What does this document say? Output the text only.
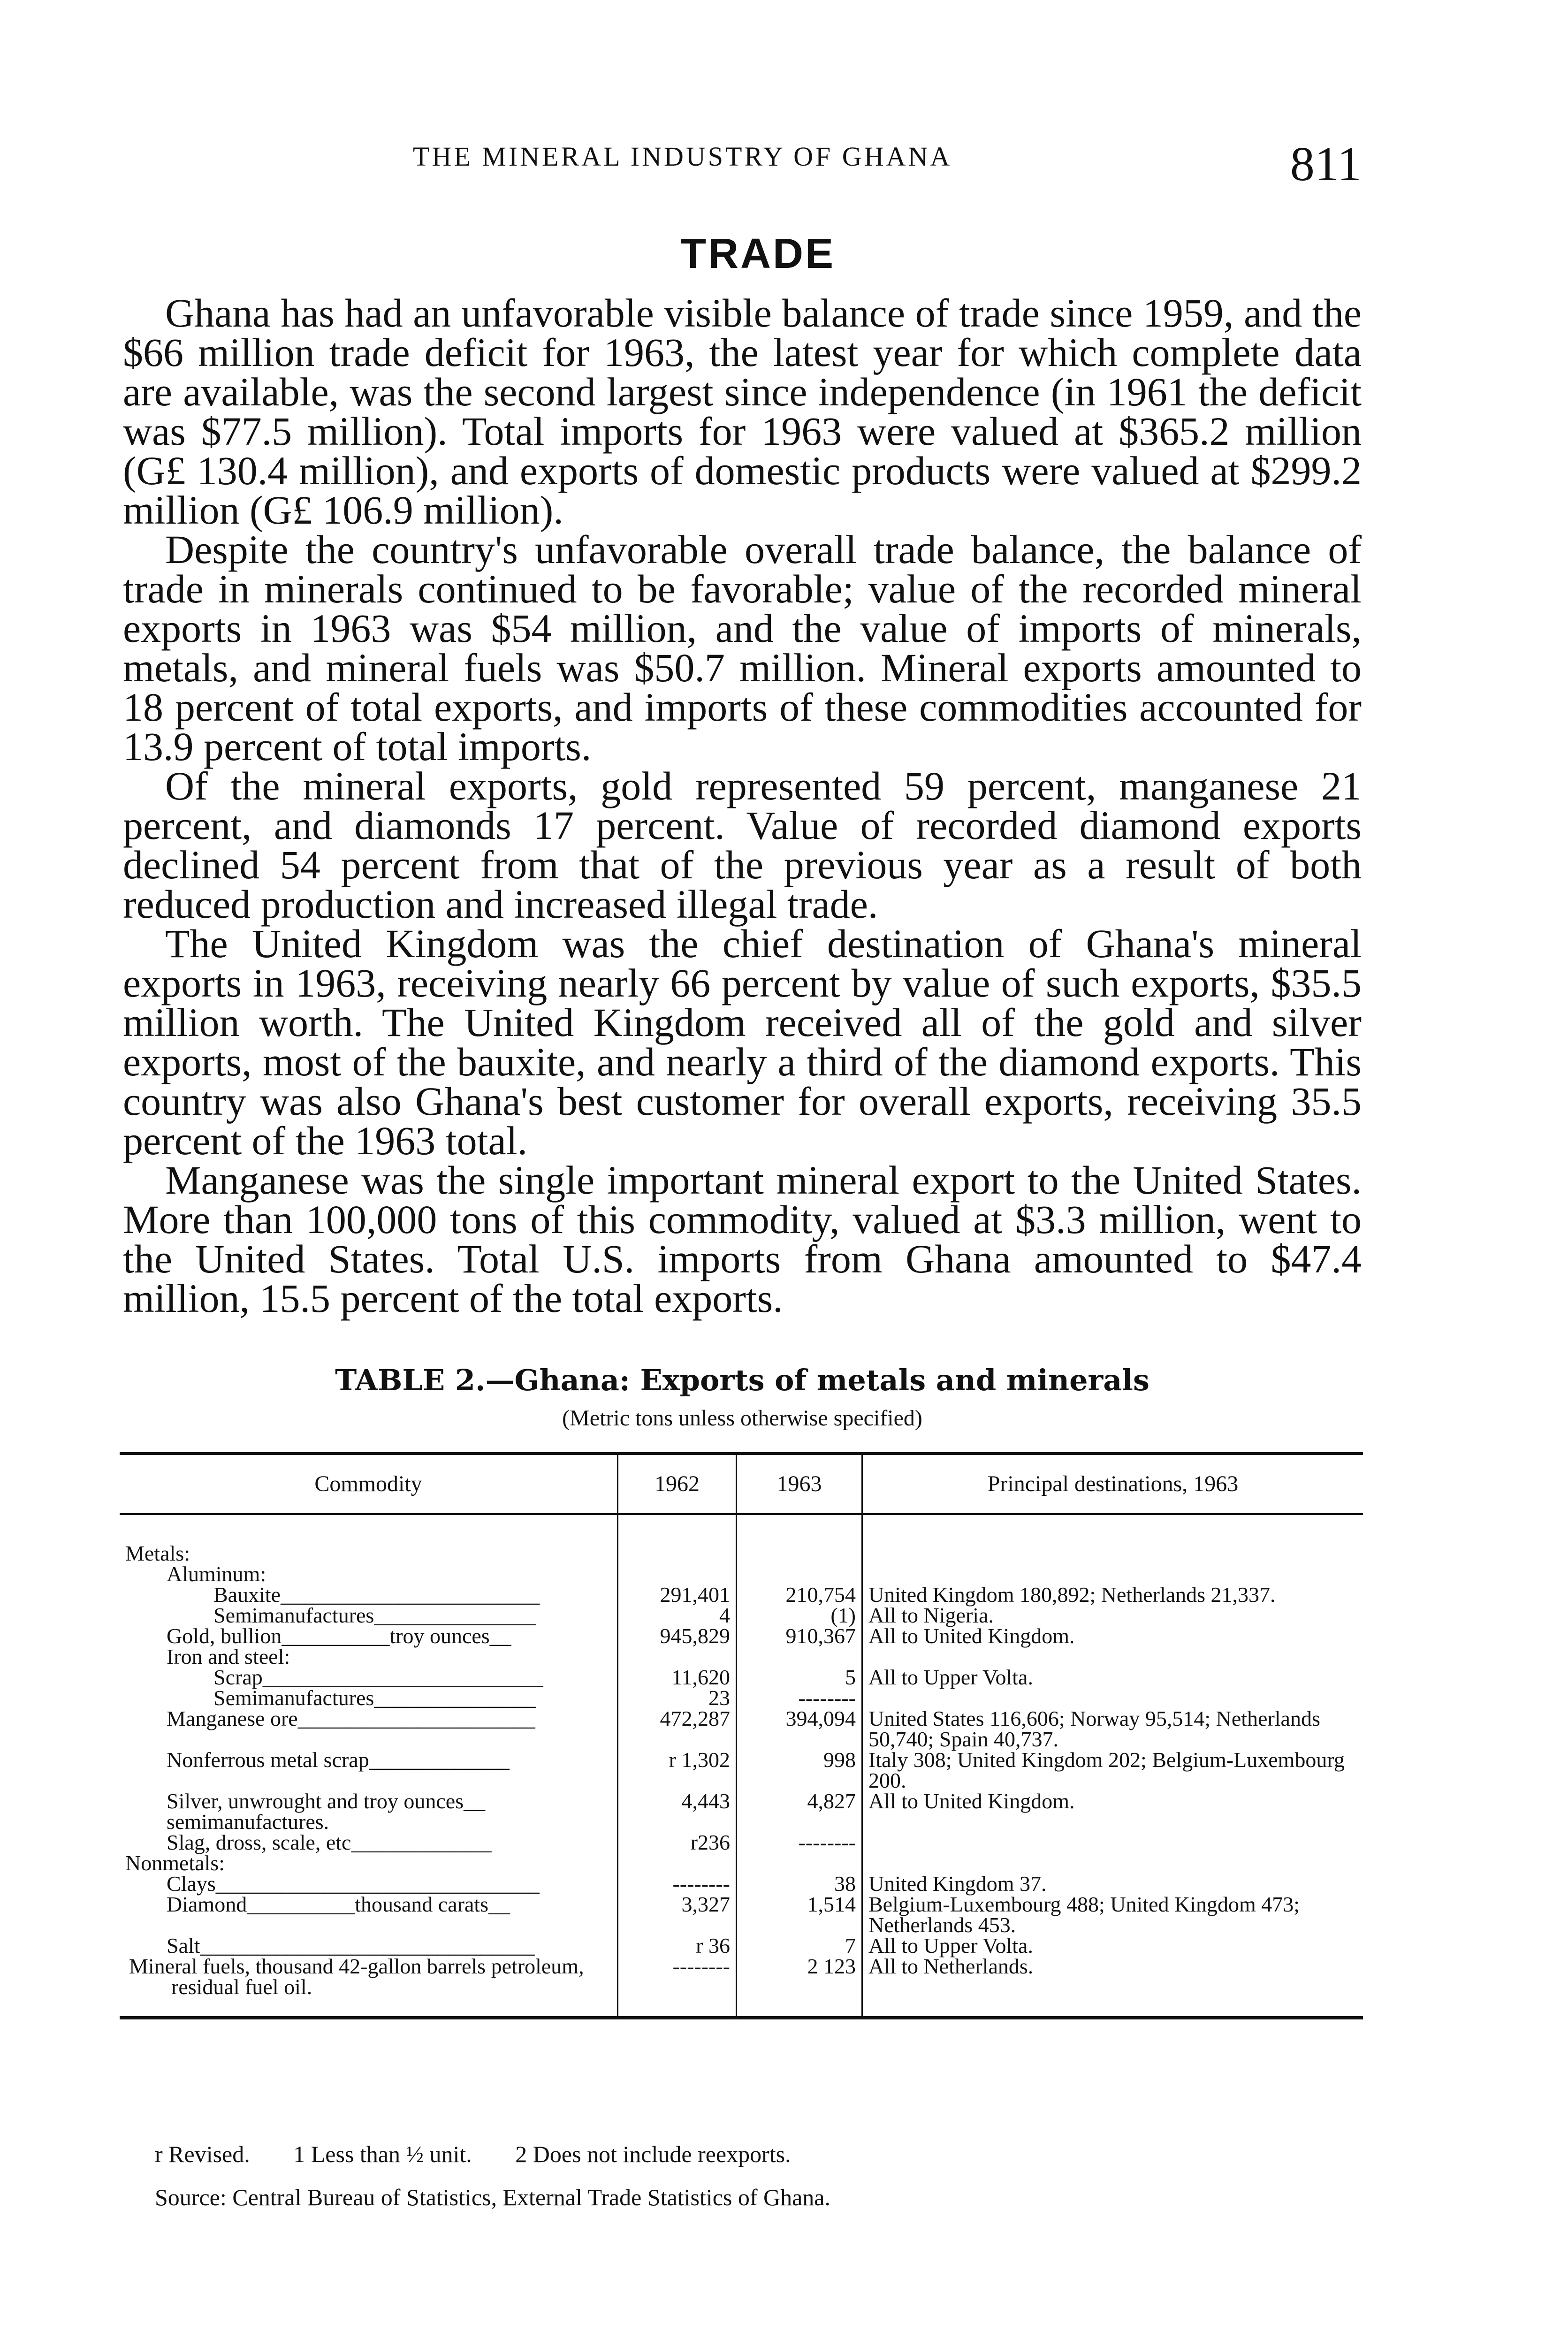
THE MINERAL INDUSTRY OF GHANA	811
TRADE

Ghana has had an unfavorable visible balance of trade since 1959, and the $66 million trade deficit for 1963, the latest year for which complete data are available, was the second largest since independence (in 1961 the deficit was $77.5 million). Total imports for 1963 were valued at $365.2 million (G£ 130.4 million), and exports of domestic products were valued at $299.2 million (G£ 106.9 million).

Despite the country's unfavorable overall trade balance, the balance of trade in minerals continued to be favorable; value of the recorded mineral exports in 1963 was $54 million, and the value of imports of minerals, metals, and mineral fuels was $50.7 million. Mineral exports amounted to 18 percent of total exports, and imports of these commodities accounted for 13.9 percent of total imports.

Of the mineral exports, gold represented 59 percent, manganese 21 percent, and diamonds 17 percent. Value of recorded diamond exports declined 54 percent from that of the previous year as a result of both reduced production and increased illegal trade.

The United Kingdom was the chief destination of Ghana's mineral exports in 1963, receiving nearly 66 percent by value of such exports, $35.5 million worth. The United Kingdom received all of the gold and silver exports, most of the bauxite, and nearly a third of the diamond exports. This country was also Ghana's best customer for overall exports, receiving 35.5 percent of the 1963 total.

Manganese was the single important mineral export to the United States. More than 100,000 tons of this commodity, valued at $3.3 million, went to the United States. Total U.S. imports from Ghana amounted to $47.4 million, 15.5 percent of the total exports.

TABLE 2.—Ghana: Exports of metals and minerals
(Metric tons unless otherwise specified)
Commodity	1962	1963	Principal destinations, 1963
Metals:			
Aluminum:			
Bauxite________________________	291,401	210,754	United Kingdom 180,892; Netherlands 21,337.
Semimanufactures_______________	4	(1)	All to Nigeria.
Gold, bullion__________troy ounces__	945,829	910,367	All to United Kingdom.
Iron and steel:			
Scrap__________________________	11,620	5	All to Upper Volta.
Semimanufactures_______________	23	--------	
Manganese ore______________________	472,287	394,094	United States 116,606; Norway 95,514; Netherlands 50,740; Spain 40,737.
Nonferrous metal scrap_____________	r 1,302	998	Italy 308; United Kingdom 202; Belgium-Luxembourg 200.
Silver, unwrought and troy ounces__ semimanufactures.	4,443	4,827	All to United Kingdom.
Slag, dross, scale, etc_____________	r236	--------	
Nonmetals:			
Clays______________________________	--------	38	United Kingdom 37.
Diamond__________thousand carats__	3,327	1,514	Belgium-Luxembourg 488; United Kingdom 473; Netherlands 453.
Salt_______________________________	r 36	7	All to Upper Volta.
Mineral fuels, thousand 42-gallon barrels petroleum, residual fuel oil.	--------	2 123	All to Netherlands.
r Revised. 1 Less than ½ unit. 2 Does not include reexports.
Source: Central Bureau of Statistics, External Trade Statistics of Ghana.
